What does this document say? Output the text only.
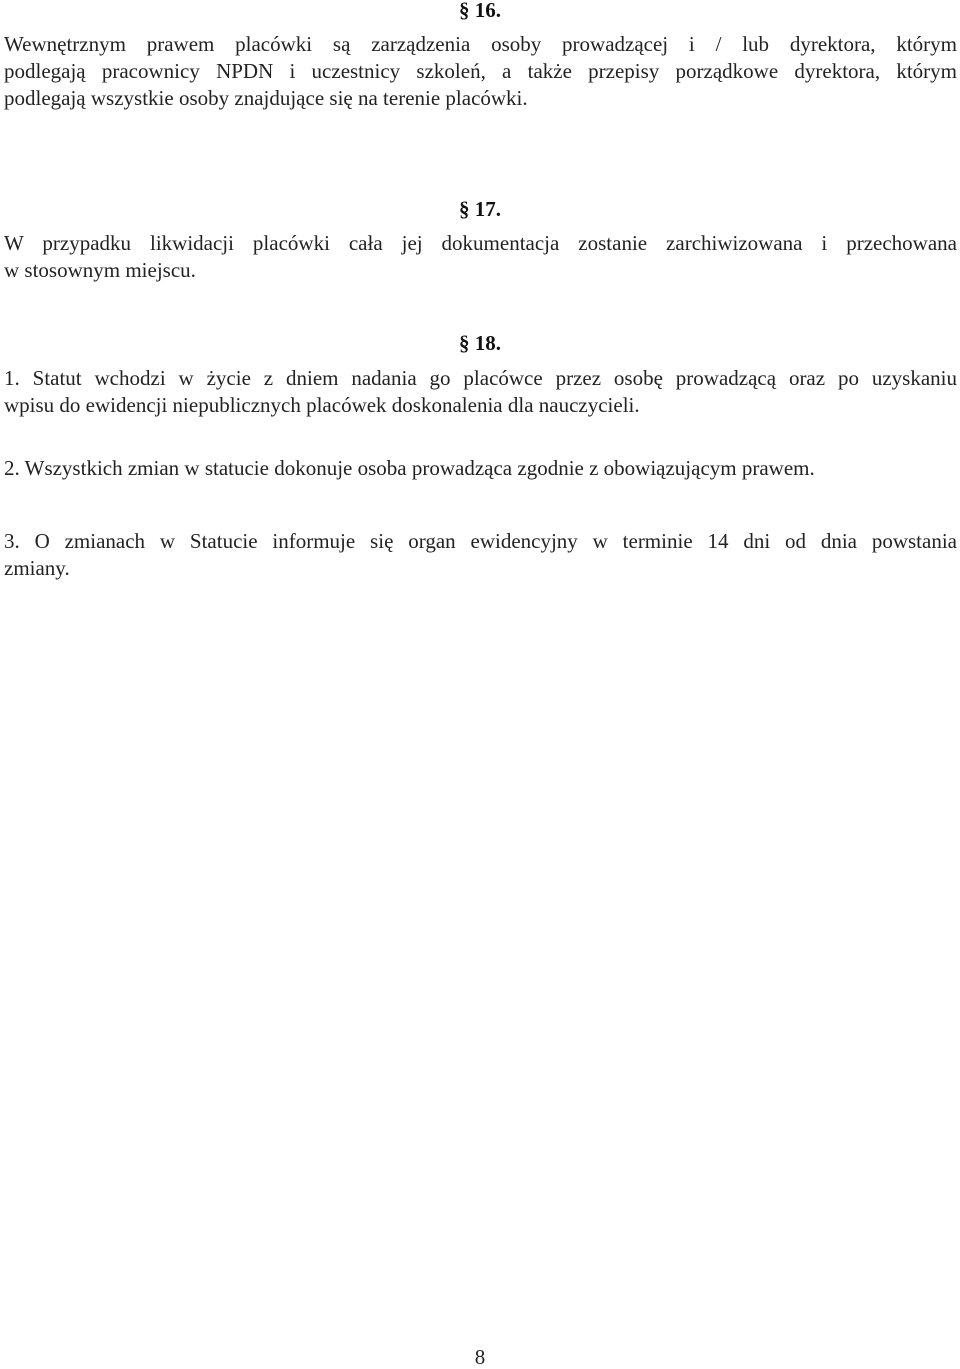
§ 16.
Wewnętrznym prawem placówki są zarządzenia osoby prowadzącej i / lub dyrektora, którym
podlegają pracownicy NPDN i uczestnicy szkoleń, a także przepisy porządkowe dyrektora, którym
podlegają wszystkie osoby znajdujące się na terenie placówki.
§ 17.
W przypadku likwidacji placówki cała jej dokumentacja zostanie zarchiwizowana i przechowana
w stosownym miejscu.
§ 18.
1. Statut wchodzi w życie z dniem nadania go placówce przez osobę prowadzącą oraz po uzyskaniu
wpisu do ewidencji niepublicznych placówek doskonalenia dla nauczycieli.
2. Wszystkich zmian w statucie dokonuje osoba prowadząca zgodnie z obowiązującym prawem.
3. O zmianach w Statucie informuje się organ ewidencyjny w terminie 14 dni od dnia powstania
zmiany.

8
